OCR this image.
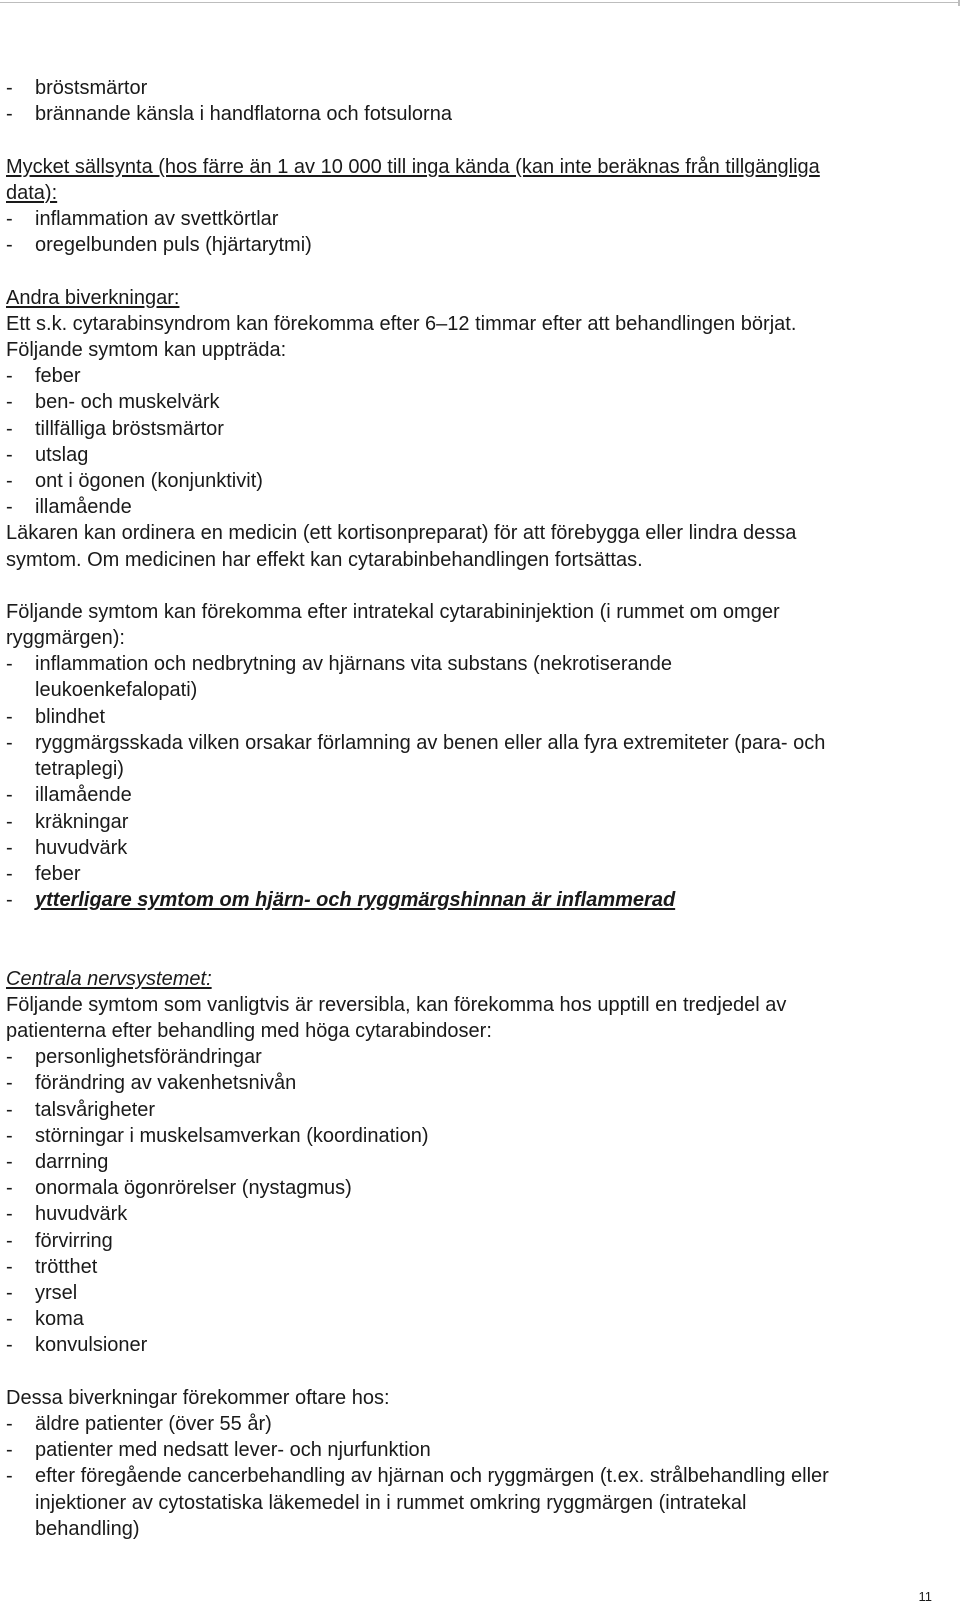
- bröstsmärtor
- brännande känsla i handflatorna och fotsulorna
Mycket sällsynta (hos färre än 1 av 10 000 till inga kända (kan inte beräknas från tillgängliga
data):
- inflammation av svettkörtlar
- oregelbunden puls (hjärtarytmi)
Andra biverkningar:
Ett s.k. cytarabinsyndrom kan förekomma efter 6–12 timmar efter att behandlingen börjat.
Följande symtom kan uppträda:
- feber
- ben- och muskelvärk
- tillfälliga bröstsmärtor
- utslag
- ont i ögonen (konjunktivit)
- illamående
Läkaren kan ordinera en medicin (ett kortisonpreparat) för att förebygga eller lindra dessa
symtom. Om medicinen har effekt kan cytarabinbehandlingen fortsättas.
Följande symtom kan förekomma efter intratekal cytarabininjektion (i rummet om omger
ryggmärgen):
- inflammation och nedbrytning av hjärnans vita substans (nekrotiserande
leukoenkefalopati)
- blindhet
- ryggmärgsskada vilken orsakar förlamning av benen eller alla fyra extremiteter (para- och
tetraplegi)
- illamående
- kräkningar
- huvudvärk
- feber
- ytterligare symtom om hjärn- och ryggmärgshinnan är inflammerad
Centrala nervsystemet:
Följande symtom som vanligtvis är reversibla, kan förekomma hos upptill en tredjedel av
patienterna efter behandling med höga cytarabindoser:
- personlighetsförändringar
- förändring av vakenhetsnivån
- talsvårigheter
- störningar i muskelsamverkan (koordination)
- darrning
- onormala ögonrörelser (nystagmus)
- huvudvärk
- förvirring
- trötthet
- yrsel
- koma
- konvulsioner
Dessa biverkningar förekommer oftare hos:
- äldre patienter (över 55 år)
- patienter med nedsatt lever- och njurfunktion
- efter föregående cancerbehandling av hjärnan och ryggmärgen (t.ex. strålbehandling eller
injektioner av cytostatiska läkemedel in i rummet omkring ryggmärgen (intratekal
behandling)
11
